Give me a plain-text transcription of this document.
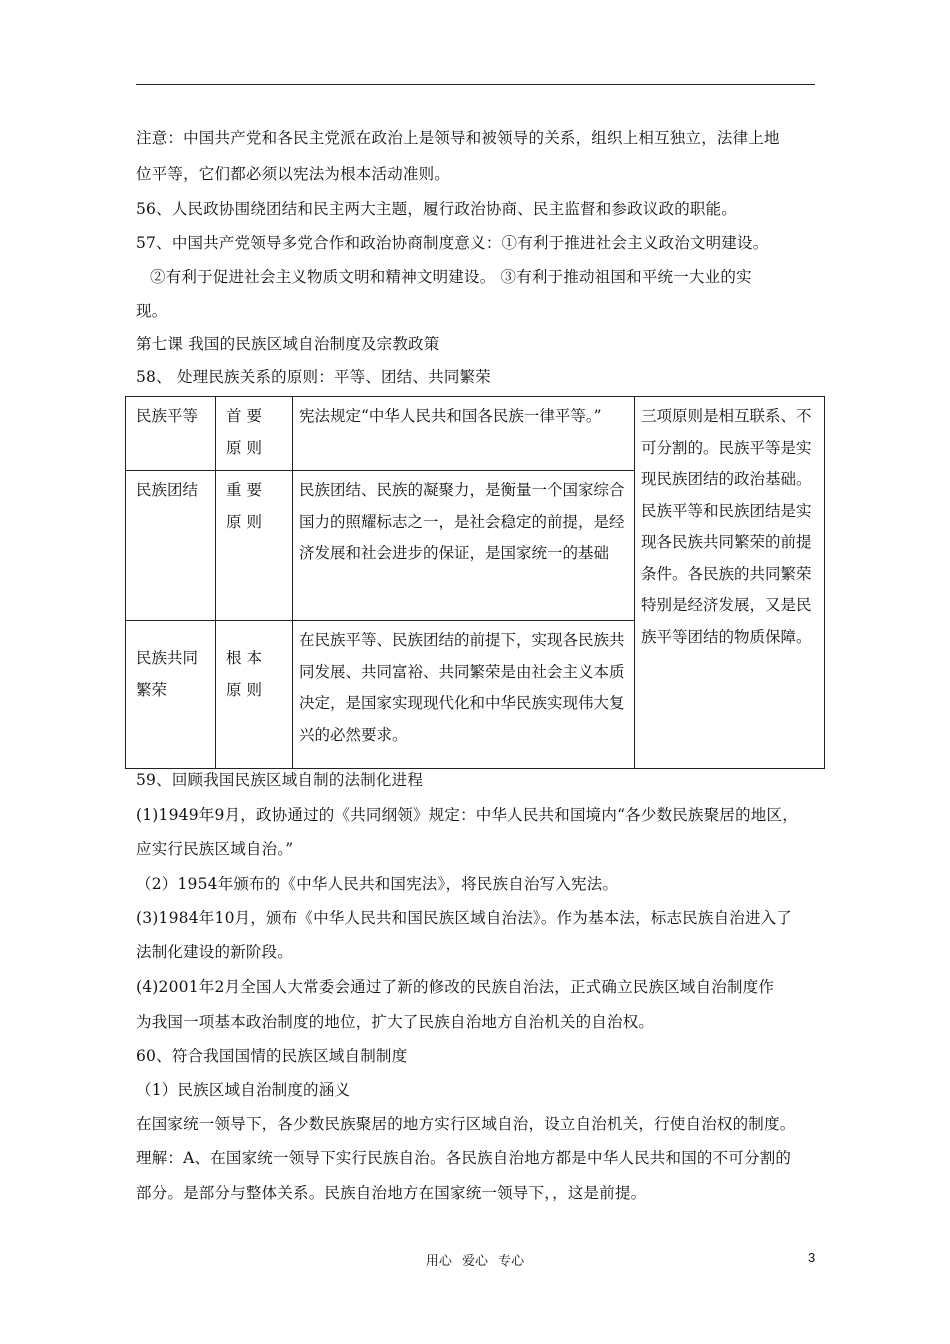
注意：中国共产党和各民主党派在政治上是领导和被领导的关系，组织上相互独立，法律上地
位平等，它们都必须以宪法为根本活动准则。
56、人民政协围绕团结和民主两大主题，履行政治协商、民主监督和参政议政的职能。
57、中国共产党领导多党合作和政治协商制度意义：①有利于推进社会主义政治文明建设。
②有利于促进社会主义物质文明和精神文明建设。 ③有利于推动祖国和平统一大业的实
现。
第七课 我国的民族区域自治制度及宗教政策
58、 处理民族关系的原则：平等、团结、共同繁荣
民族平等	首要原则	宪法规定“中华人民共和国各民族一律平等。”	三项原则是相互联系、不可分割的。民族平等是实现民族团结的政治基础。民族平等和民族团结是实现各民族共同繁荣的前提条件。各民族的共同繁荣特别是经济发展，又是民族平等团结的物质保障。
民族团结	重要原则	民族团结、民族的凝聚力，是衡量一个国家综合国力的照耀标志之一，是社会稳定的前提，是经济发展和社会进步的保证，是国家统一的基础	
民族共同繁荣	根本原则	在民族平等、民族团结的前提下，实现各民族共同发展、共同富裕、共同繁荣是由社会主义本质决定，是国家实现现代化和中华民族实现伟大复兴的必然要求。	
59、回顾我国民族区域自制的法制化进程
(1)1949年9月，政协通过的《共同纲领》规定：中华人民共和国境内“各少数民族聚居的地区，
应实行民族区域自治。”
（2）1954年颁布的《中华人民共和国宪法》，将民族自治写入宪法。
(3)1984年10月，颁布《中华人民共和国民族区域自治法》。作为基本法，标志民族自治进入了
法制化建设的新阶段。
(4)2001年2月全国人大常委会通过了新的修改的民族自治法，正式确立民族区域自治制度作
为我国一项基本政治制度的地位，扩大了民族自治地方自治机关的自治权。
60、符合我国国情的民族区域自制制度
（1）民族区域自治制度的涵义
在国家统一领导下，各少数民族聚居的地方实行区域自治，设立自治机关，行使自治权的制度。
理解：A、在国家统一领导下实行民族自治。各民族自治地方都是中华人民共和国的不可分割的
部分。是部分与整体关系。民族自治地方在国家统一领导下，，这是前提。
用心 爱心 专心	3
